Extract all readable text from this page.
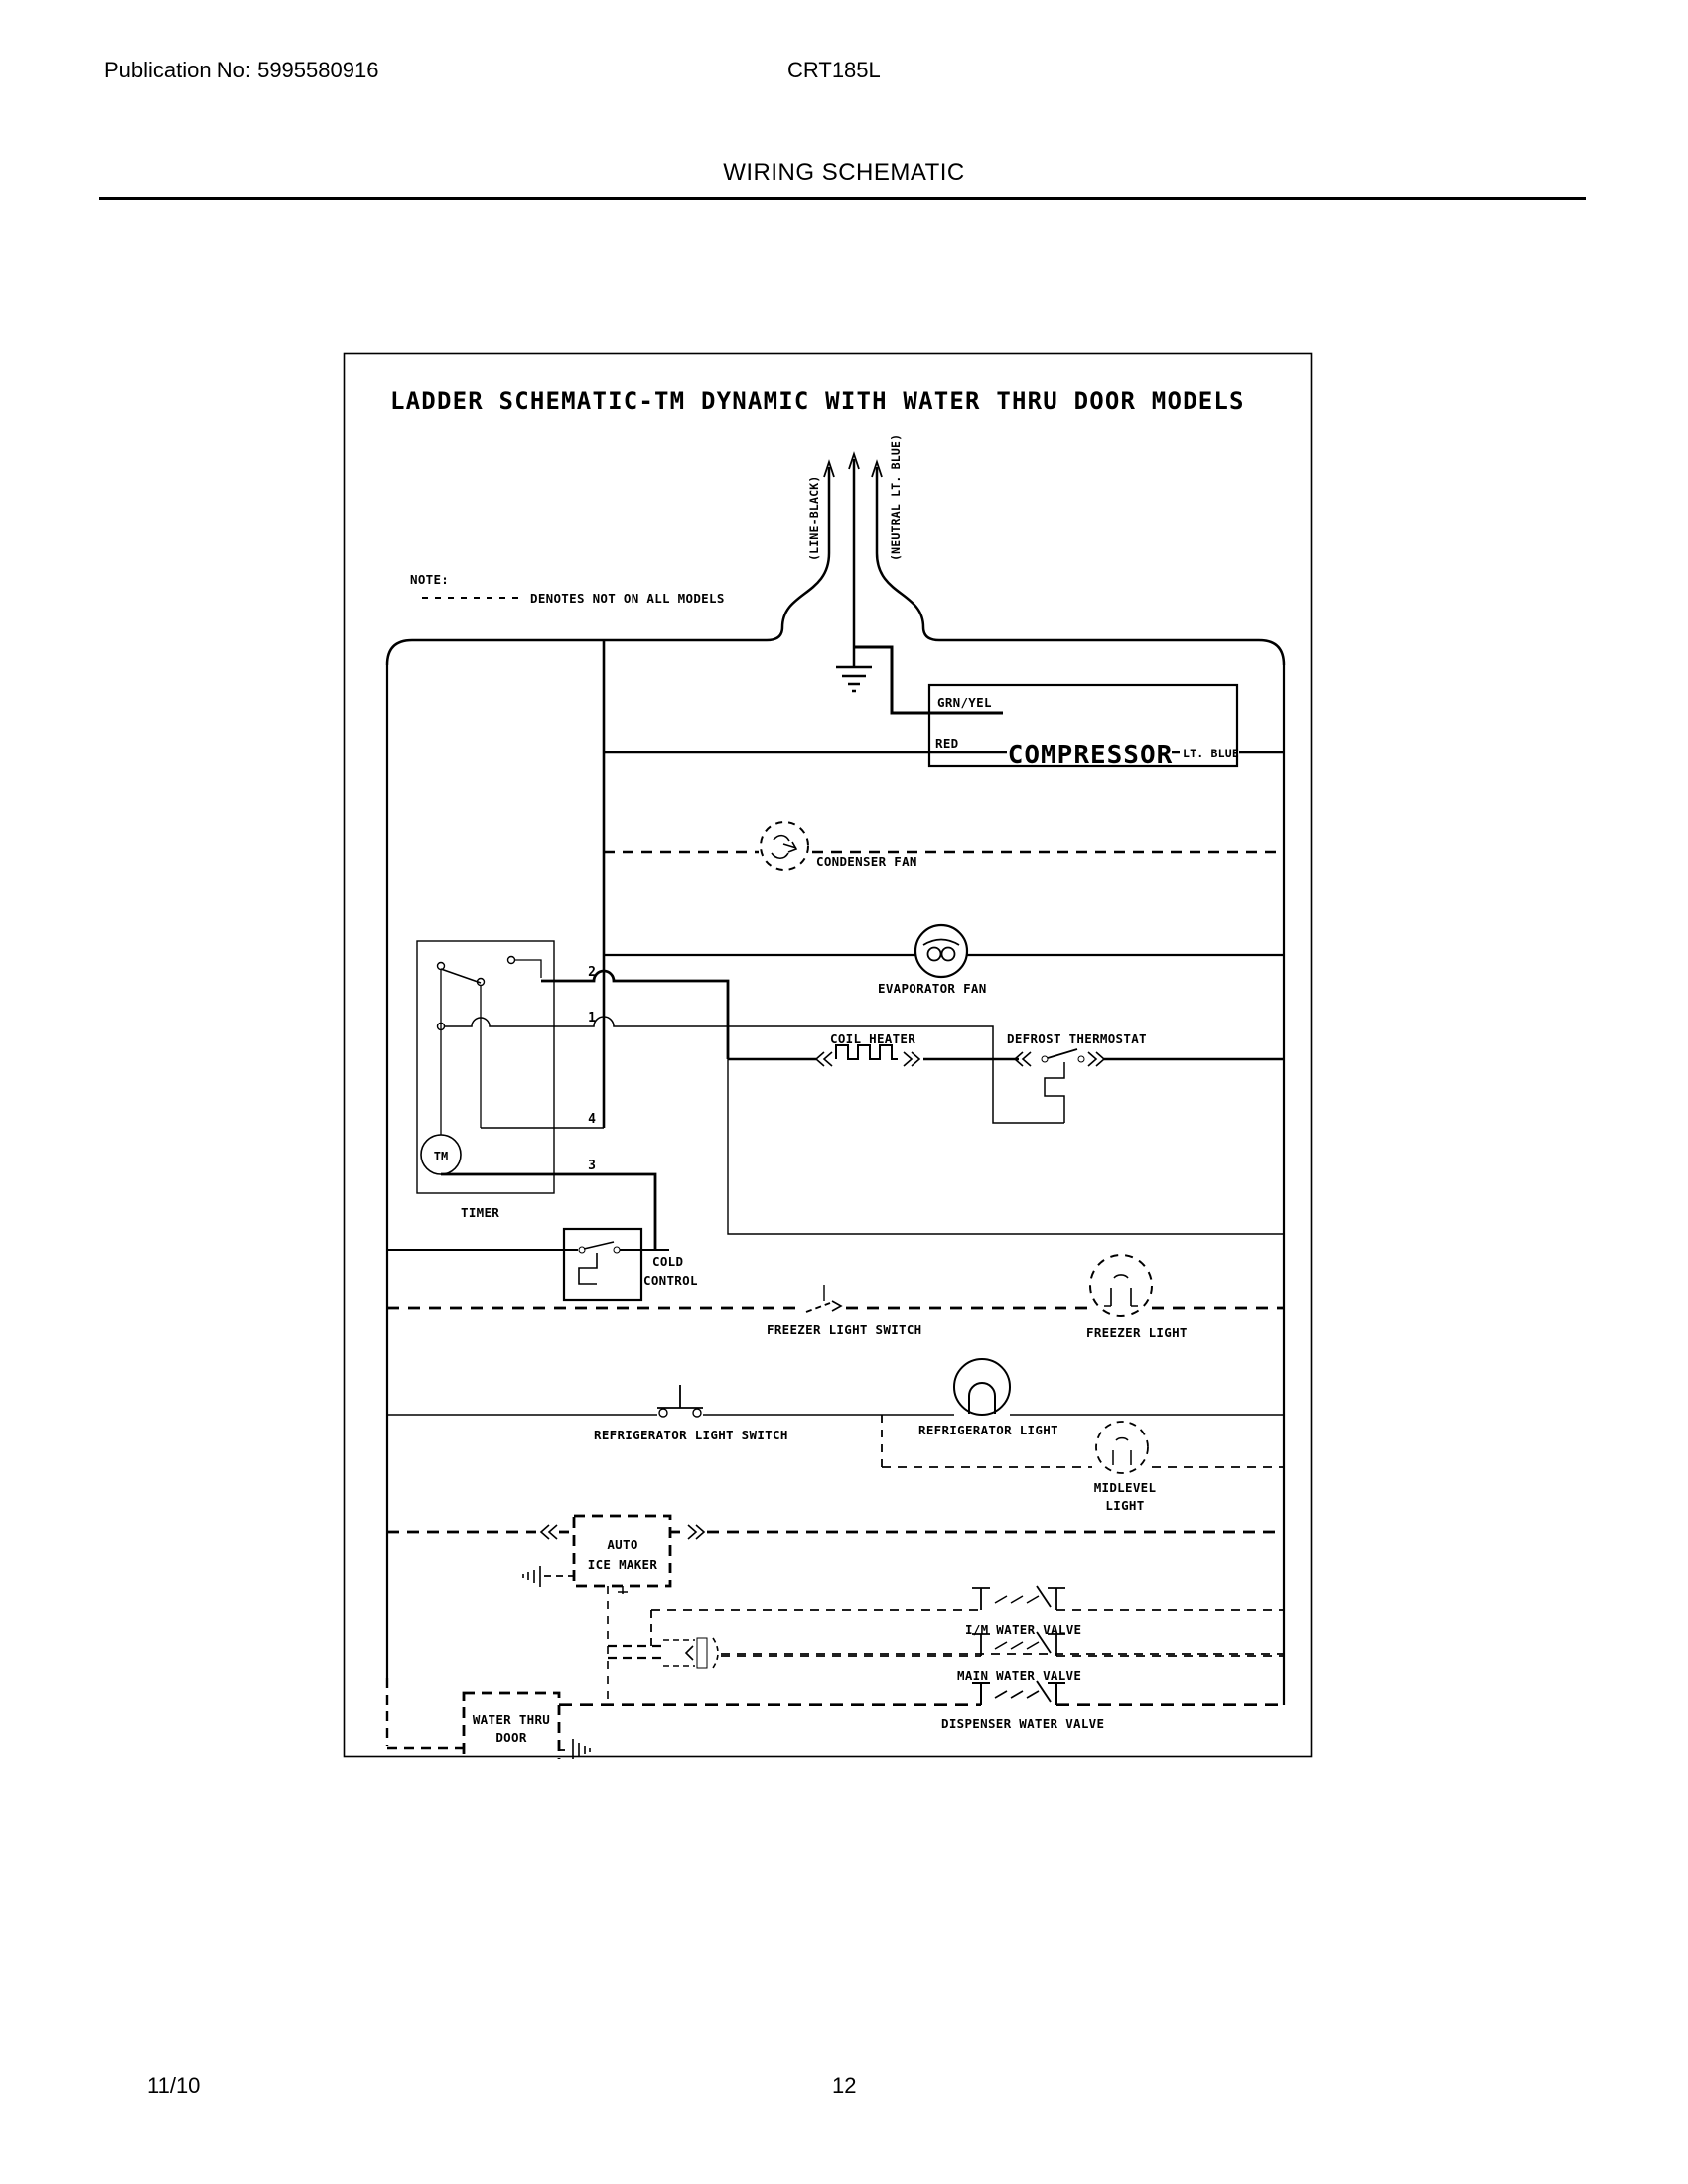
Publication No: 5995580916	CRT185L
WIRING SCHEMATIC
LADDER SCHEMATIC-TM DYNAMIC WITH WATER THRU DOOR MODELS
NOTE:
DENOTES NOT ON ALL MODELS
(LINE-BLACK)	(NEUTRAL LT. BLUE)
GRN/YEL
RED COMPRESSOR LT. BLUE
CONDENSER FAN
EVAPORATOR FAN
COIL HEATER	DEFROST THERMOSTAT
TM
TIMER
2
1
4
3
COLD
CONTROL
FREEZER LIGHT SWITCH	FREEZER LIGHT
REFRIGERATOR LIGHT SWITCH	REFRIGERATOR LIGHT
MIDLEVEL
LIGHT
AUTO
ICE MAKER
I/M WATER VALVE
MAIN WATER VALVE
DISPENSER WATER VALVE
WATER THRU
DOOR
11/10	12
